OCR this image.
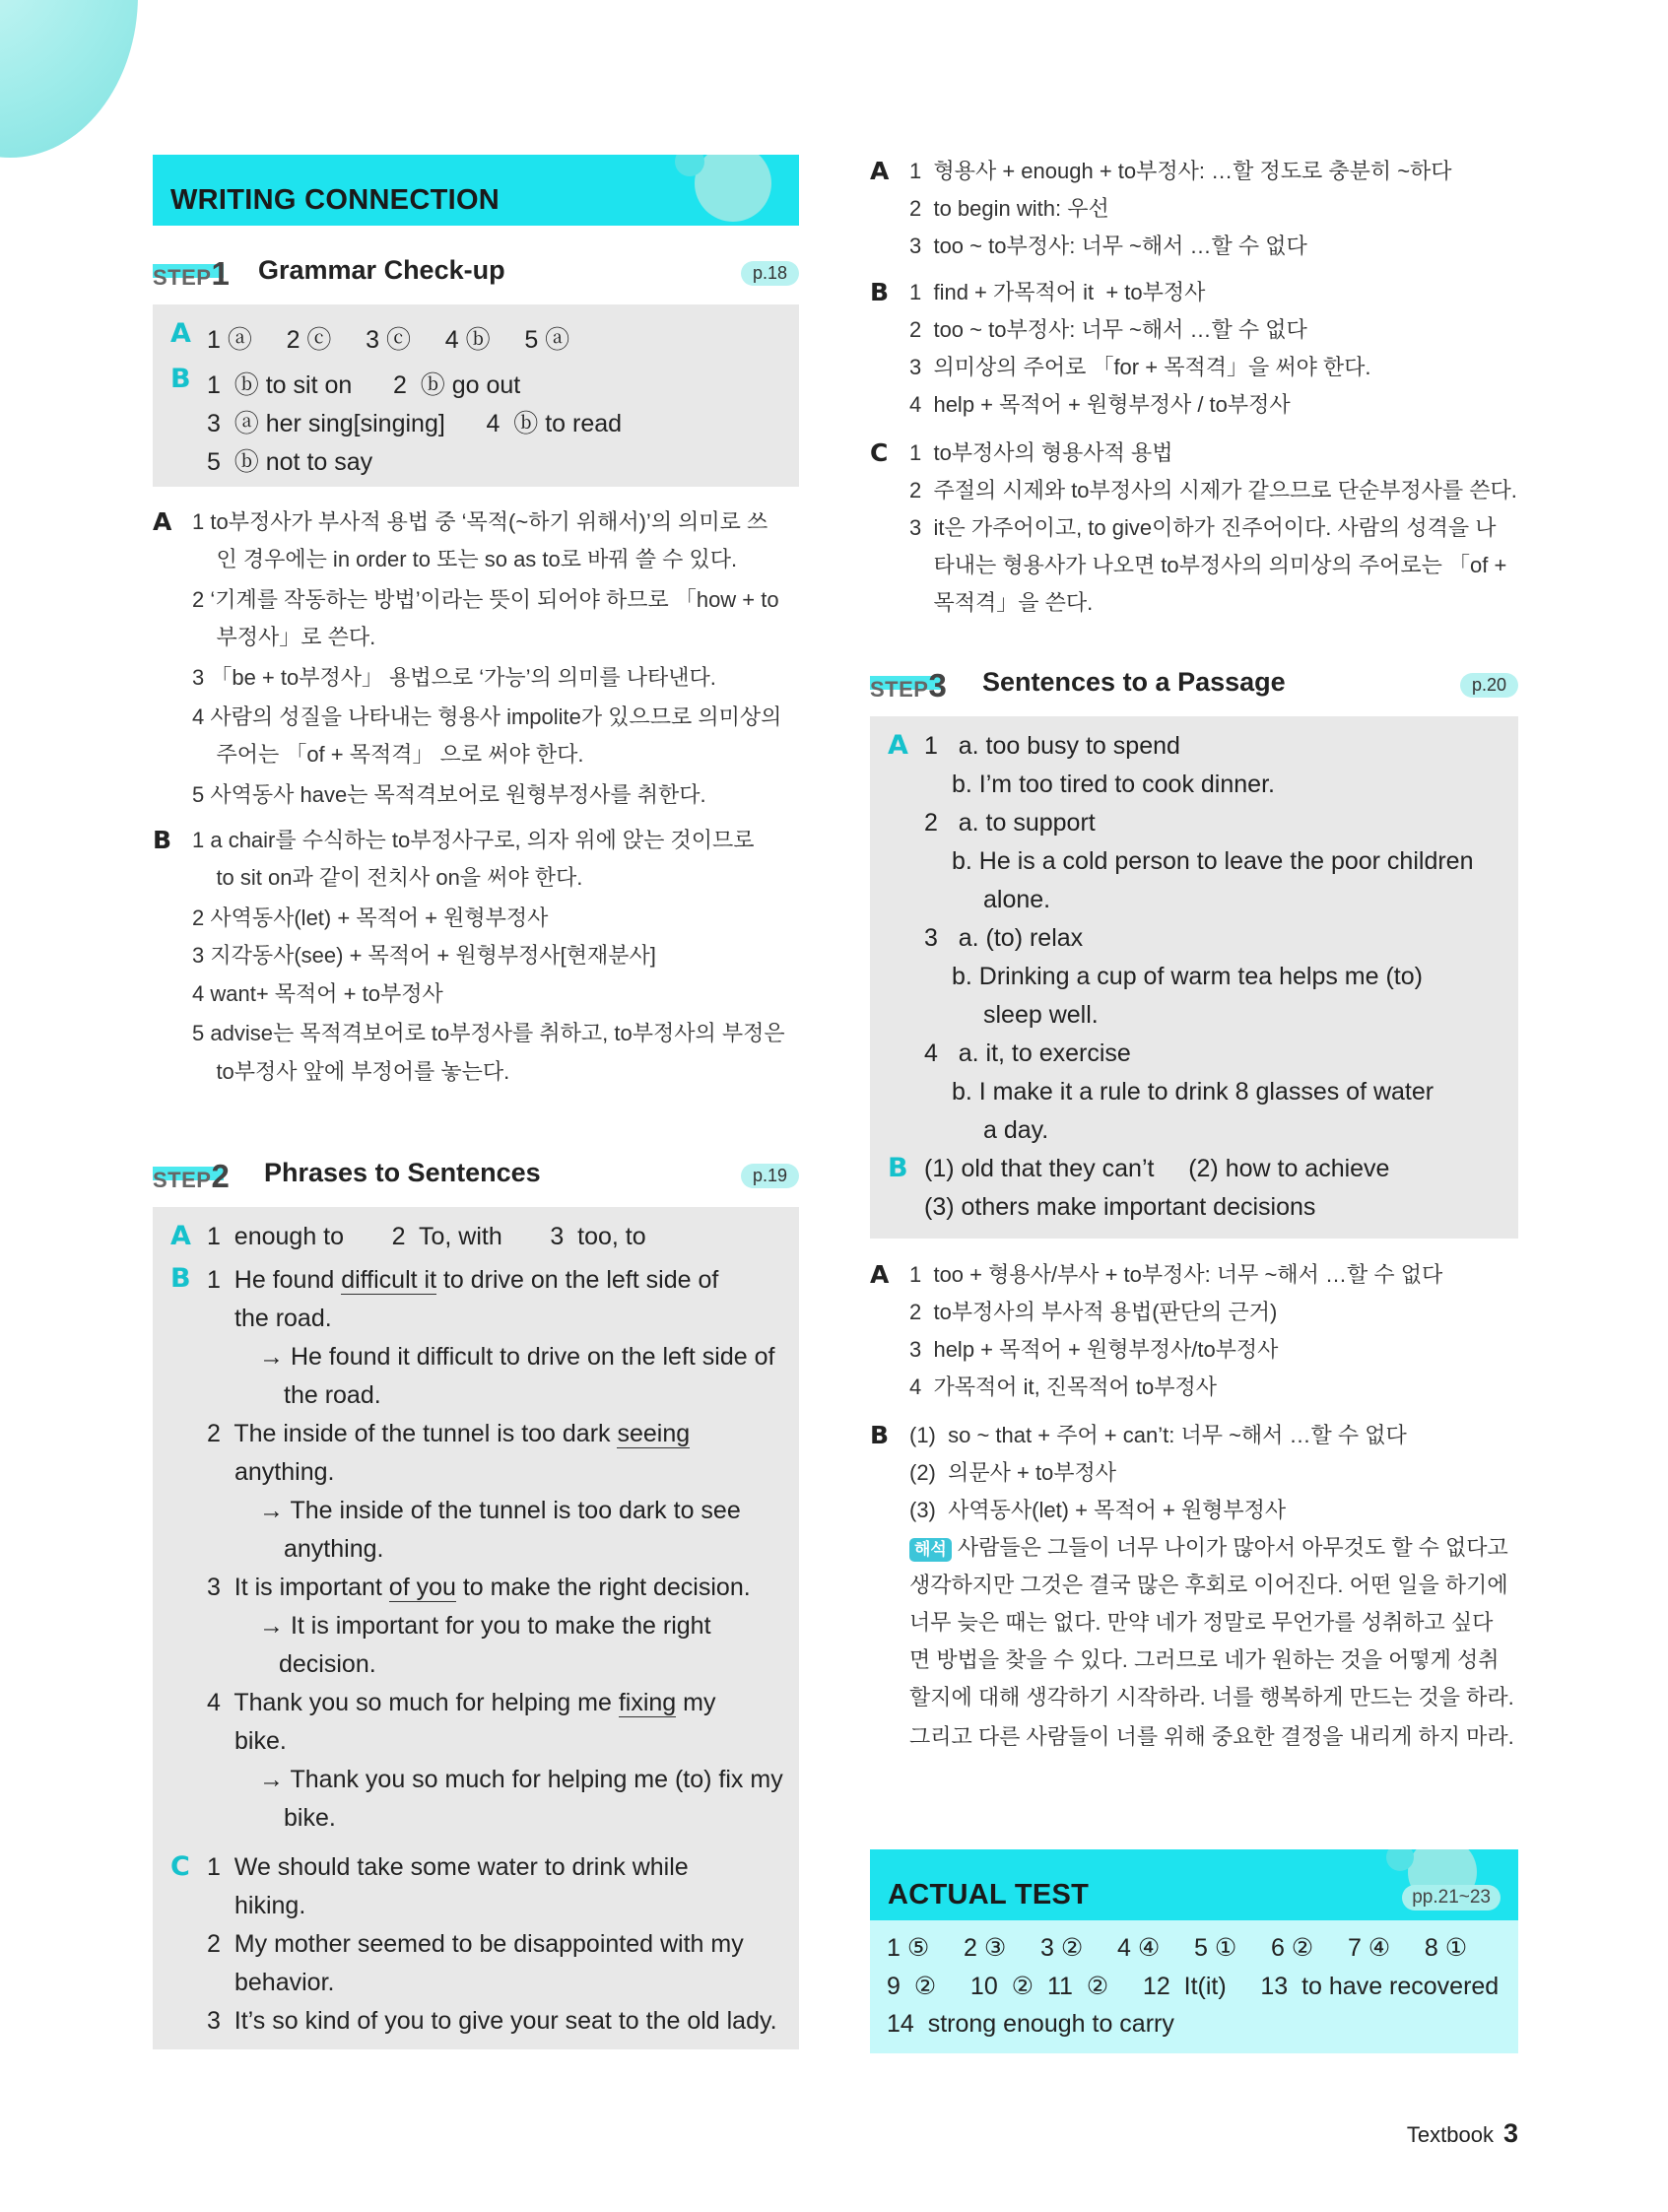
WRITING CONNECTION
STEP1 Grammar Check-up	p.18
A 1 ⓐ     2 ⓒ     3 ⓒ     4 ⓑ     5 ⓐ
B 1  ⓑ to sit on      2  ⓑ go out
3  ⓐ her sing[singing]      4  ⓑ to read
5  ⓑ not to say
A 1 to부정사가 부사적 용법 중 ‘목적(~하기 위해서)’의 의미로 쓰
인 경우에는 in order to 또는 so as to로 바꿔 쓸 수 있다.
2 ‘기계를 작동하는 방법’이라는 뜻이 되어야 하므로 「how + to
부정사」로 쓴다.
3 「be + to부정사」 용법으로 ‘가능’의 의미를 나타낸다.
4 사람의 성질을 나타내는 형용사 impolite가 있으므로 의미상의
주어는 「of + 목적격」 으로 써야 한다.
5 사역동사 have는 목적격보어로 원형부정사를 취한다.
B 1 a chair를 수식하는 to부정사구로, 의자 위에 앉는 것이므로
to sit on과 같이 전치사 on을 써야 한다.
2 사역동사(let) + 목적어 + 원형부정사
3 지각동사(see) + 목적어 + 원형부정사[현재분사]
4 want+ 목적어 + to부정사
5 advise는 목적격보어로 to부정사를 취하고, to부정사의 부정은
to부정사 앞에 부정어를 놓는다.
STEP2 Phrases to Sentences	p.19
A 1  enough to       2  To, with       3  too, to
B 1  He found difficult it to drive on the left side of
the road.
→ He found it difficult to drive on the left side of
the road.
2  The inside of the tunnel is too dark seeing
anything.
→ The inside of the tunnel is too dark to see
anything.
3  It is important of you to make the right decision.
→ It is important for you to make the right
decision.
4  Thank you so much for helping me fixing my
bike.
→ Thank you so much for helping me (to) fix my
bike.
C 1  We should take some water to drink while
hiking.
2  My mother seemed to be disappointed with my
behavior.
3  It’s so kind of you to give your seat to the old lady.
A 1  형용사 + enough + to부정사: …할 정도로 충분히 ~하다
2  to begin with: 우선
3  too ~ to부정사: 너무 ~해서 …할 수 없다
B 1  find + 가목적어 it  + to부정사
2  too ~ to부정사: 너무 ~해서 …할 수 없다
3  의미상의 주어로 「for + 목적격」을 써야 한다.
4  help + 목적어 + 원형부정사 / to부정사
C 1  to부정사의 형용사적 용법
2  주절의 시제와 to부정사의 시제가 같으므로 단순부정사를 쓴다.
3  it은 가주어이고, to give이하가 진주어이다. 사람의 성격을 나
타내는 형용사가 나오면 to부정사의 의미상의 주어로는 「of +
목적격」을 쓴다.
STEP3 Sentences to a Passage	p.20
A 1   a. too busy to spend
b. I’m too tired to cook dinner.
2   a. to support
b. He is a cold person to leave the poor children
alone.
3   a. (to) relax
b. Drinking a cup of warm tea helps me (to)
sleep well.
4   a. it, to exercise
b. I make it a rule to drink 8 glasses of water
a day.
B (1) old that they can’t     (2) how to achieve
(3) others make important decisions
A 1  too + 형용사/부사 + to부정사: 너무 ~해서 …할 수 없다
2  to부정사의 부사적 용법(판단의 근거)
3  help + 목적어 + 원형부정사/to부정사
4  가목적어 it, 진목적어 to부정사
B (1)  so ~ that + 주어 + can’t: 너무 ~해서 …할 수 없다
(2)  의문사 + to부정사
(3)  사역동사(let) + 목적어 + 원형부정사
해석 사람들은 그들이 너무 나이가 많아서 아무것도 할 수 없다고
생각하지만 그것은 결국 많은 후회로 이어진다. 어떤 일을 하기에
너무 늦은 때는 없다. 만약 네가 정말로 무언가를 성취하고 싶다
면 방법을 찾을 수 있다. 그러므로 네가 원하는 것을 어떻게 성취
할지에 대해 생각하기 시작하라. 너를 행복하게 만드는 것을 하라.
그리고 다른 사람들이 너를 위해 중요한 결정을 내리게 하지 마라.
ACTUAL TEST	pp.21~23
1 ⑤     2 ③     3 ②     4 ④     5 ①     6 ②     7 ④     8 ①
9  ②     10  ②  11  ②     12  It(it)     13  to have recovered
14  strong enough to carry
Textbook 3
